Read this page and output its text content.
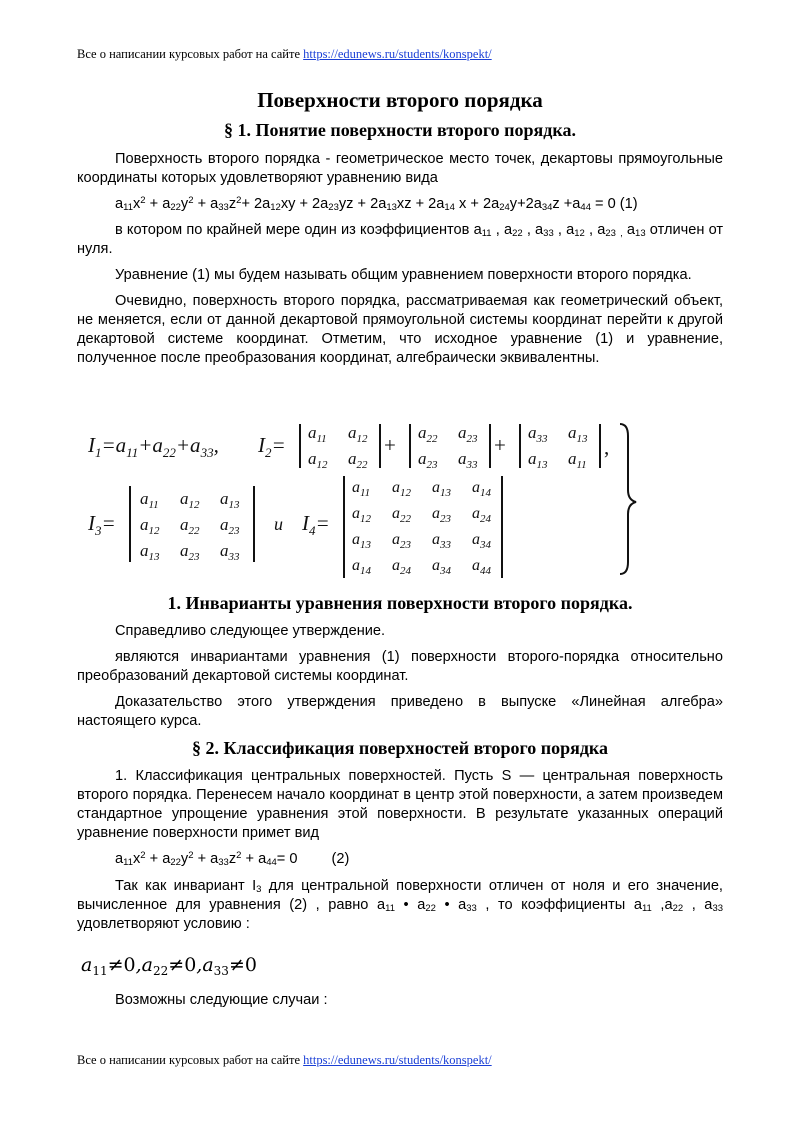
Все о написании курсовых работ на сайте https://edunews.ru/students/konspekt/
Поверхности второго порядка
§ 1. Понятие поверхности второго порядка.
Поверхность второго порядка - геометрическое место точек, декартовы прямоугольные координаты которых удовлетворяют уравнению вида
$a_{11}x^2 + a_{22}y^2 + a_{33}z^2+ 2a_{12}xy + 2a_{23}yz + 2a_{13}xz + 2a_{14}$ $x + 2a_{24}y+2a_{34}z +a_{44} = 0$ (1)
в котором по крайней мере один из коэффициентов $a_{11}$ , $a_{22}$ , $a_{33}$ , $a_{12}$ , $a_{23}$ $_,$ $a_{13}$ отличен от нуля.
Уравнение (1) мы будем называть общим уравнением поверхности второго порядка.
Очевидно, поверхность второго порядка, рассматриваемая как геометрический объект, не меняется, если от данной декартовой прямоугольной системы координат перейти к другой декартовой системе координат. Отметим, что исходное уравнение (1) и уравнение, полученное после преобразования координат, алгебраически эквивалентны.
$I_1=a_{11}+a_{22}+a_{33}$, $I_2=$
$a_{11}$ $a_{12}$
$a_{12}$ $a_{22}$
+
$a_{22}$ $a_{23}$
$a_{23}$ $a_{33}$
+
$a_{33}$ $a_{13}$
$a_{13}$ $a_{11}$
,
$I_3=$
$a_{11}$ $a_{12}$ $a_{13}$
$a_{12}$ $a_{22}$ $a_{23}$
$a_{13}$ $a_{23}$ $a_{33}$
u $I_4=$
$a_{11}$ $a_{12}$ $a_{13}$ $a_{14}$
$a_{12}$ $a_{22}$ $a_{23}$ $a_{24}$
$a_{13}$ $a_{23}$ $a_{33}$ $a_{34}$
$a_{14}$ $a_{24}$ $a_{34}$ $a_{44}$
1. Инварианты уравнения поверхности второго порядка.
Справедливо следующее утверждение.
являются инвариантами уравнения (1) поверхности второго-порядка относительно преобразований декартовой системы координат.
Доказательство этого утверждения приведено в выпуске «Линейная алгебра» настоящего курса.
§ 2. Классификация поверхностей второго порядка
1. Классификация центральных поверхностей. Пусть S — центральная поверхность второго порядка. Перенесем начало координат в центр этой поверхности, а затем произведем стандартное упрощение уравнения этой поверхности. В результате указанных операций уравнение поверхности примет вид
$a_{11}x^2 + a_{22}y^2 + a_{33}z^2 + a_{44}= 0$ (2)
Так как инвариант $I_3$ для центральной поверхности отличен от ноля и его значение, вычисленное для уравнения (2) , равно $a_{11}$ • $a_{22}$ • $a_{33}$ , то коэффициенты $a_{11}$ $,a_{22}$ , $a_{33}$ удовлетворяют условию :
$a_{11}\ne 0,a_{22}\ne 0,a_{33}\ne 0$
Возможны следующие случаи :
Все о написании курсовых работ на сайте https://edunews.ru/students/konspekt/
